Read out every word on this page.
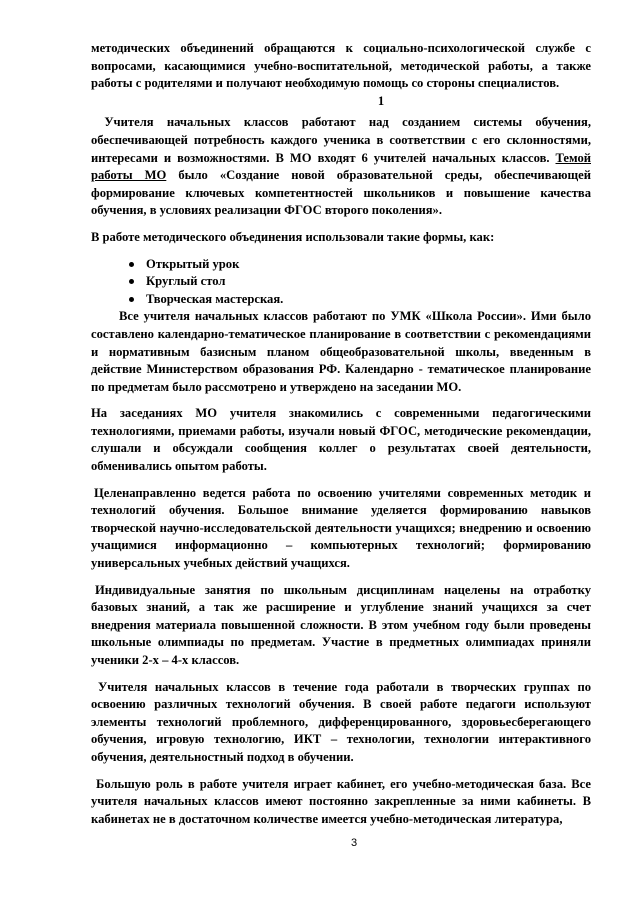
методических объединений обращаются к социально-психологической службе с вопросами, касающимися учебно-воспитательной, методической работы, а также работы с родителями и получают необходимую помощь со стороны специалистов.

1

Учителя начальных классов работают над созданием системы обучения, обеспечивающей потребность каждого ученика в соответствии с его склонностями, интересами и возможностями. В МО входят 6 учителей начальных классов. Темой работы МО было «Создание новой образовательной среды, обеспечивающей формирование ключевых компетентностей школьников и повышение качества обучения, в условиях реализации ФГОС второго поколения».

В работе методического объединения использовали такие формы, как:

Открытый урок
Круглый стол
Творческая мастерская.

Все учителя начальных классов работают по УМК «Школа России». Ими было составлено календарно-тематическое планирование в соответствии с рекомендациями и нормативным базисным планом общеобразовательной школы, введенным в действие Министерством образования РФ. Календарно - тематическое планирование по предметам было рассмотрено и утверждено на заседании МО.

На заседаниях МО учителя знакомились с современными педагогическими технологиями, приемами работы, изучали новый ФГОС, методические рекомендации, слушали и обсуждали сообщения коллег о результатах своей деятельности, обменивались опытом работы.

Целенаправленно ведется работа по освоению учителями современных методик и технологий обучения. Большое внимание уделяется формированию навыков творческой научно-исследовательской деятельности учащихся; внедрению и освоению учащимися информационно – компьютерных технологий; формированию универсальных учебных действий учащихся.

Индивидуальные занятия по школьным дисциплинам нацелены на отработку базовых знаний, а так же расширение и углубление знаний учащихся за счет внедрения материала повышенной сложности. В этом учебном году были проведены школьные олимпиады по предметам. Участие в предметных олимпиадах приняли ученики 2-х – 4-х классов.

Учителя начальных классов в течение года работали в творческих группах по освоению различных технологий обучения. В своей работе педагоги используют элементы технологий проблемного, дифференцированного, здоровьесберегающего обучения, игровую технологию, ИКТ – технологии, технологии интерактивного обучения, деятельностный подход в обучении.

Большую роль в работе учителя играет кабинет, его учебно-методическая база. Все учителя начальных классов имеют постоянно закрепленные за ними кабинеты. В кабинетах не в достаточном количестве имеется учебно-методическая литература,

3
